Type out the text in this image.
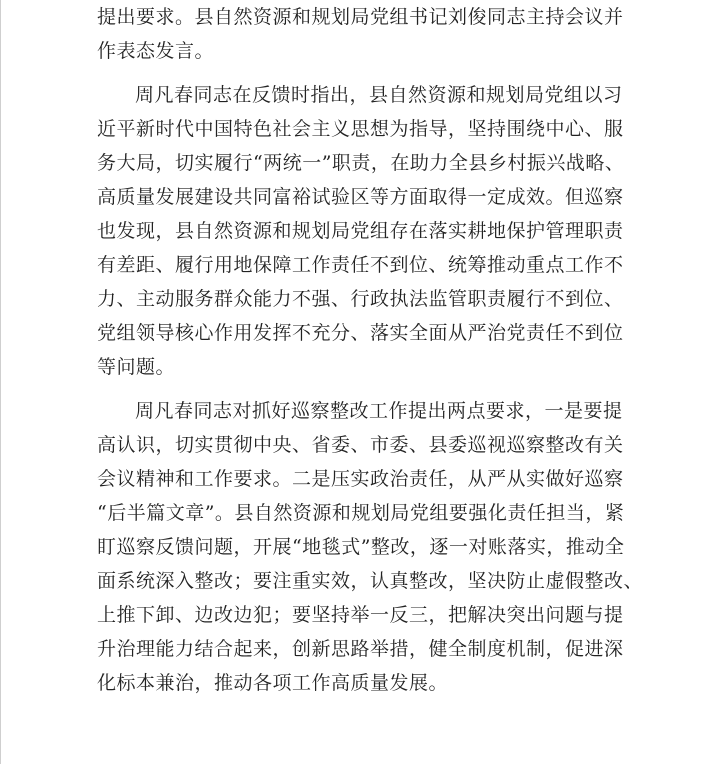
提出要求。县自然资源和规划局党组书记刘俊同志主持会议并
作表态发言。
周凡春同志在反馈时指出，县自然资源和规划局党组以习
近平新时代中国特色社会主义思想为指导，坚持围绕中心、服
务大局，切实履行“两统一”职责，在助力全县乡村振兴战略、
高质量发展建设共同富裕试验区等方面取得一定成效。但巡察
也发现，县自然资源和规划局党组存在落实耕地保护管理职责
有差距、履行用地保障工作责任不到位、统筹推动重点工作不
力、主动服务群众能力不强、行政执法监管职责履行不到位、
党组领导核心作用发挥不充分、落实全面从严治党责任不到位
等问题。
周凡春同志对抓好巡察整改工作提出两点要求，一是要提
高认识，切实贯彻中央、省委、市委、县委巡视巡察整改有关
会议精神和工作要求。二是压实政治责任，从严从实做好巡察
“后半篇文章”。县自然资源和规划局党组要强化责任担当，紧
盯巡察反馈问题，开展“地毯式”整改，逐一对账落实，推动全
面系统深入整改；要注重实效，认真整改，坚决防止虚假整改、
上推下卸、边改边犯；要坚持举一反三，把解决突出问题与提
升治理能力结合起来，创新思路举措，健全制度机制，促进深
化标本兼治，推动各项工作高质量发展。
